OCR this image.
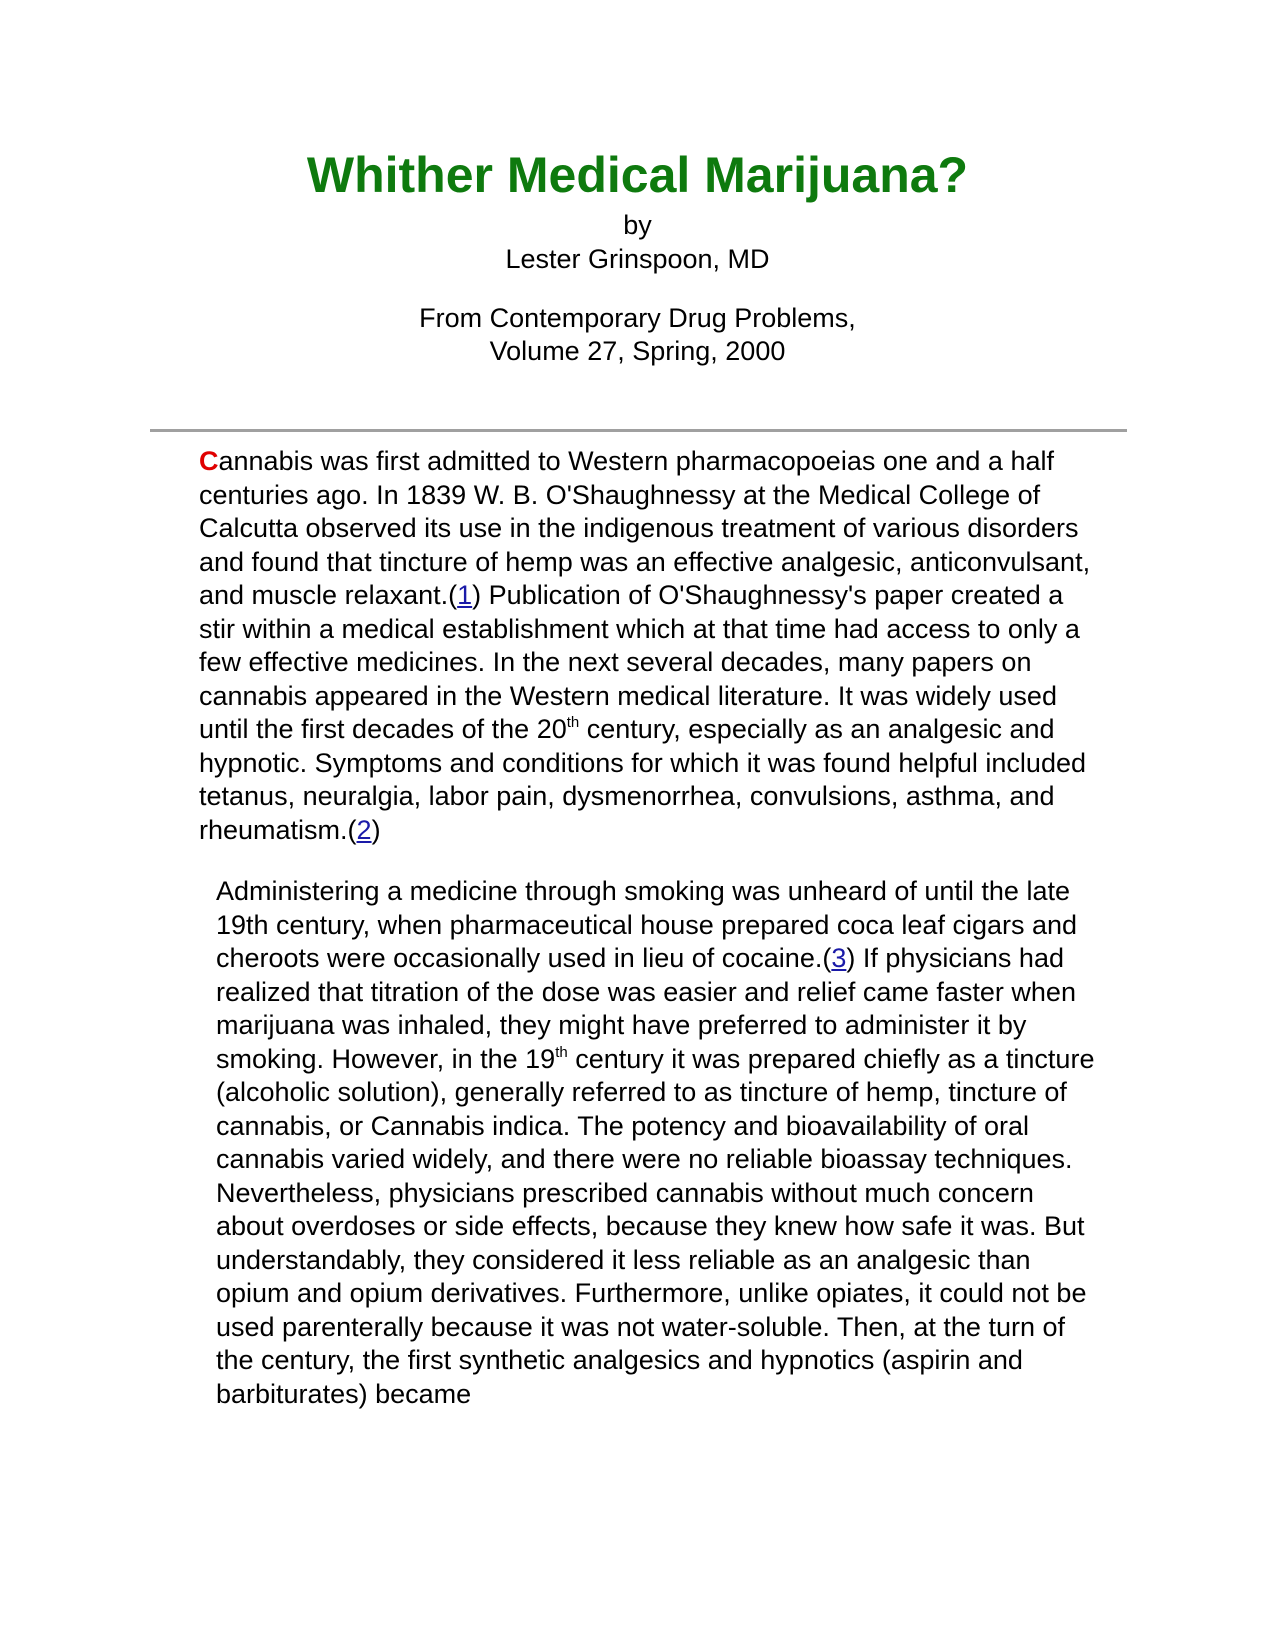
Whither Medical Marijuana?
by
Lester Grinspoon, MD
From Contemporary Drug Problems,
Volume 27, Spring, 2000

Cannabis was first admitted to Western pharmacopoeias one and a half centuries ago. In 1839 W. B. O'Shaughnessy at the Medical College of Calcutta observed its use in the indigenous treatment of various disorders and found that tincture of hemp was an effective analgesic, anticonvulsant, and muscle relaxant.(1) Publication of O'Shaughnessy's paper created a stir within a medical establishment which at that time had access to only a few effective medicines. In the next several decades, many papers on cannabis appeared in the Western medical literature. It was widely used until the first decades of the 20th century, especially as an analgesic and hypnotic. Symptoms and conditions for which it was found helpful included tetanus, neuralgia, labor pain, dysmenorrhea, convulsions, asthma, and rheumatism.(2)

Administering a medicine through smoking was unheard of until the late 19th century, when pharmaceutical house prepared coca leaf cigars and cheroots were occasionally used in lieu of cocaine.(3) If physicians had realized that titration of the dose was easier and relief came faster when marijuana was inhaled, they might have preferred to administer it by smoking. However, in the 19th century it was prepared chiefly as a tincture (alcoholic solution), generally referred to as tincture of hemp, tincture of cannabis, or Cannabis indica. The potency and bioavailability of oral cannabis varied widely, and there were no reliable bioassay techniques. Nevertheless, physicians prescribed cannabis without much concern about overdoses or side effects, because they knew how safe it was. But understandably, they considered it less reliable as an analgesic than opium and opium derivatives. Furthermore, unlike opiates, it could not be used parenterally because it was not water-soluble. Then, at the turn of the century, the first synthetic analgesics and hypnotics (aspirin and barbiturates) became
